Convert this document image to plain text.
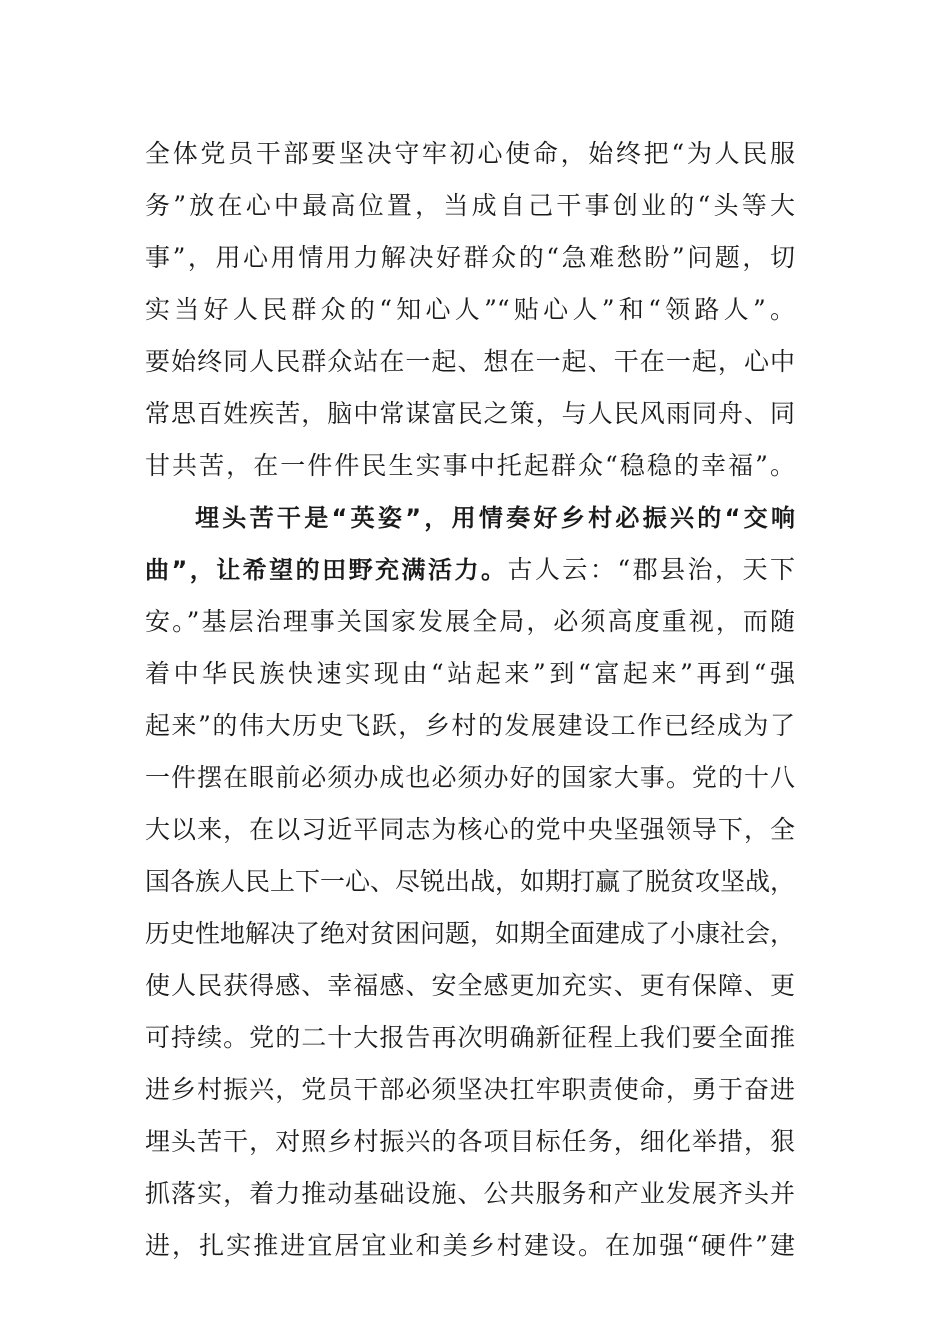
全体党员干部要坚决守牢初心使命，始终把“为人民服
务”放在心中最高位置，当成自己干事创业的“头等大
事”，用心用情用力解决好群众的“急难愁盼”问题，切
实当好人民群众的“知心人”“贴心人”和“领路人”。
要始终同人民群众站在一起、想在一起、干在一起，心中
常思百姓疾苦，脑中常谋富民之策，与人民风雨同舟、同
甘共苦，在一件件民生实事中托起群众“稳稳的幸福”。
埋头苦干是“英姿”，用情奏好乡村必振兴的“交响
曲”，让希望的田野充满活力。古人云：“郡县治，天下
安。”基层治理事关国家发展全局，必须高度重视，而随
着中华民族快速实现由“站起来”到“富起来”再到“强
起来”的伟大历史飞跃，乡村的发展建设工作已经成为了
一件摆在眼前必须办成也必须办好的国家大事。党的十八
大以来，在以习近平同志为核心的党中央坚强领导下，全
国各族人民上下一心、尽锐出战，如期打赢了脱贫攻坚战，
历史性地解决了绝对贫困问题，如期全面建成了小康社会，
使人民获得感、幸福感、安全感更加充实、更有保障、更
可持续。党的二十大报告再次明确新征程上我们要全面推
进乡村振兴，党员干部必须坚决扛牢职责使命，勇于奋进
埋头苦干，对照乡村振兴的各项目标任务，细化举措，狠
抓落实，着力推动基础设施、公共服务和产业发展齐头并
进，扎实推进宜居宜业和美乡村建设。在加强“硬件”建
